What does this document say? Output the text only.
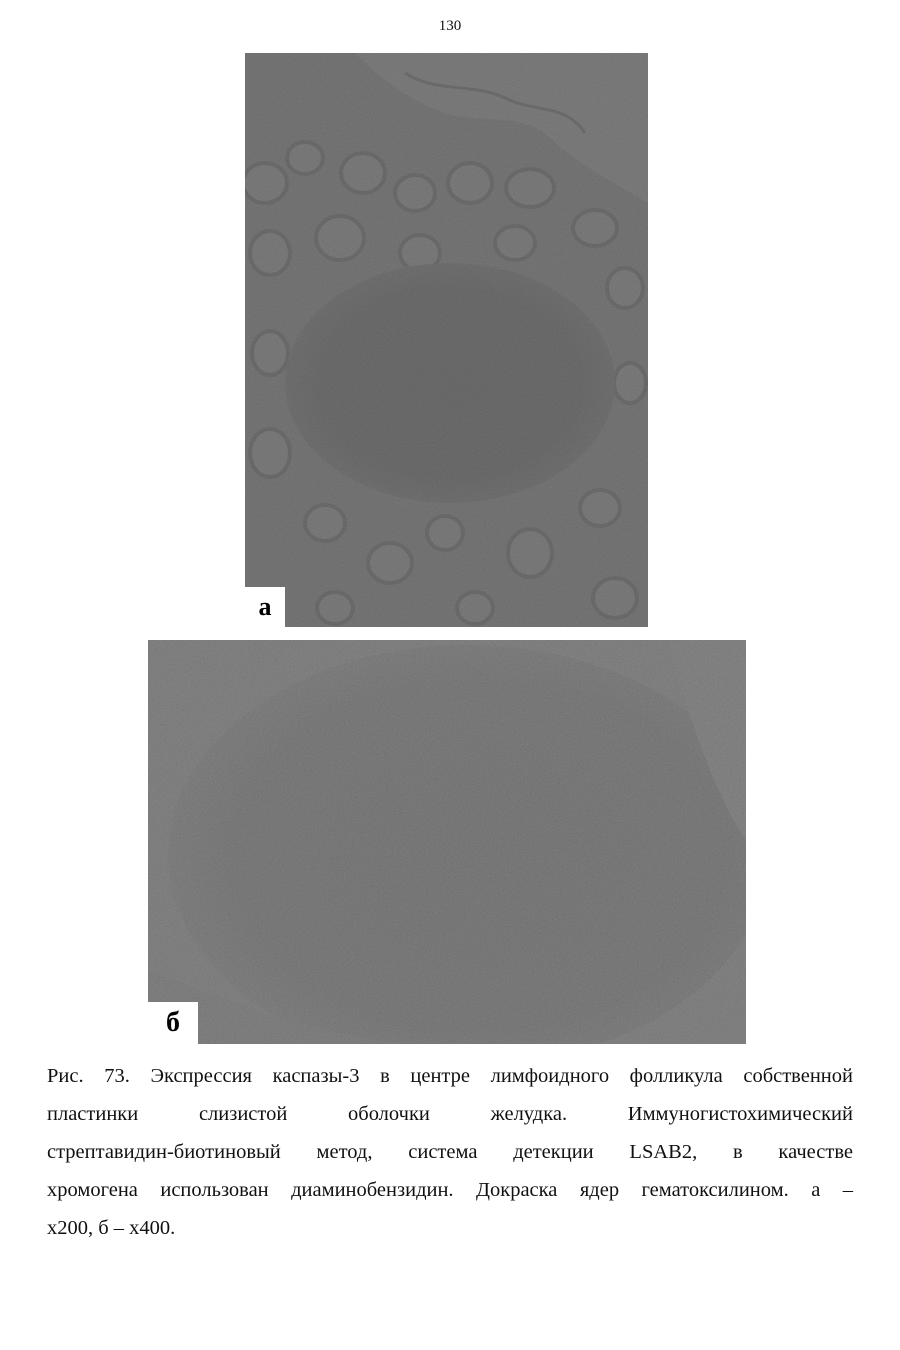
130
а
б
Рис. 73. Экспрессия каспазы-3 в центре лимфоидного фолликула собственной
пластинки слизистой оболочки желудка. Иммуногистохимический
стрептавидин-биотиновый метод, система детекции LSAB2, в качестве хромогена использован диаминобензидин. Докраска ядер гематоксилином. а –
х200, б – х400.
